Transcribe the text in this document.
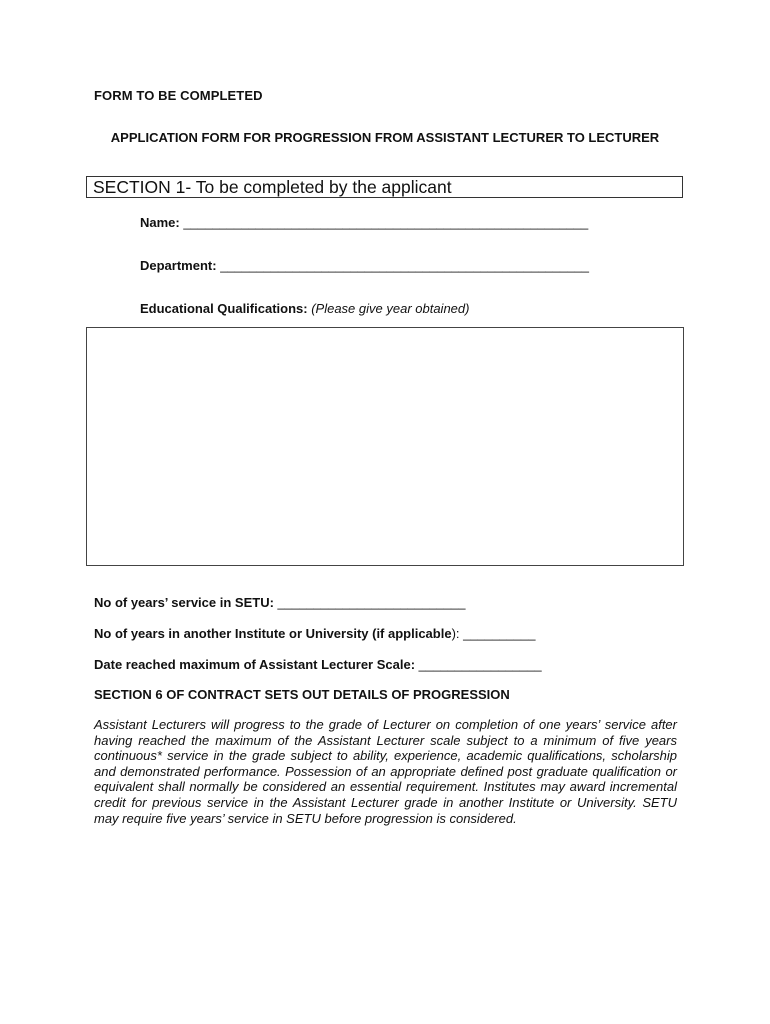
FORM TO BE COMPLETED
APPLICATION FORM FOR PROGRESSION FROM ASSISTANT LECTURER TO LECTURER
SECTION 1- To be completed by the applicant
Name: ________________________________________________________
Department: ___________________________________________________
Educational Qualifications: (Please give year obtained)
No of years’ service in SETU: __________________________
No of years in another Institute or University (if applicable): __________
Date reached maximum of Assistant Lecturer Scale: _________________
SECTION 6 OF CONTRACT SETS OUT DETAILS OF PROGRESSION
Assistant Lecturers will progress to the grade of Lecturer on completion of one years’ service after having reached the maximum of the Assistant Lecturer scale subject to a minimum of five years continuous* service in the grade subject to ability, experience, academic qualifications, scholarship and demonstrated performance. Possession of an appropriate defined post graduate qualification or equivalent shall normally be considered an essential requirement. Institutes may award incremental credit for previous service in the Assistant Lecturer grade in another Institute or University. SETU may require five years’ service in SETU before progression is considered.
